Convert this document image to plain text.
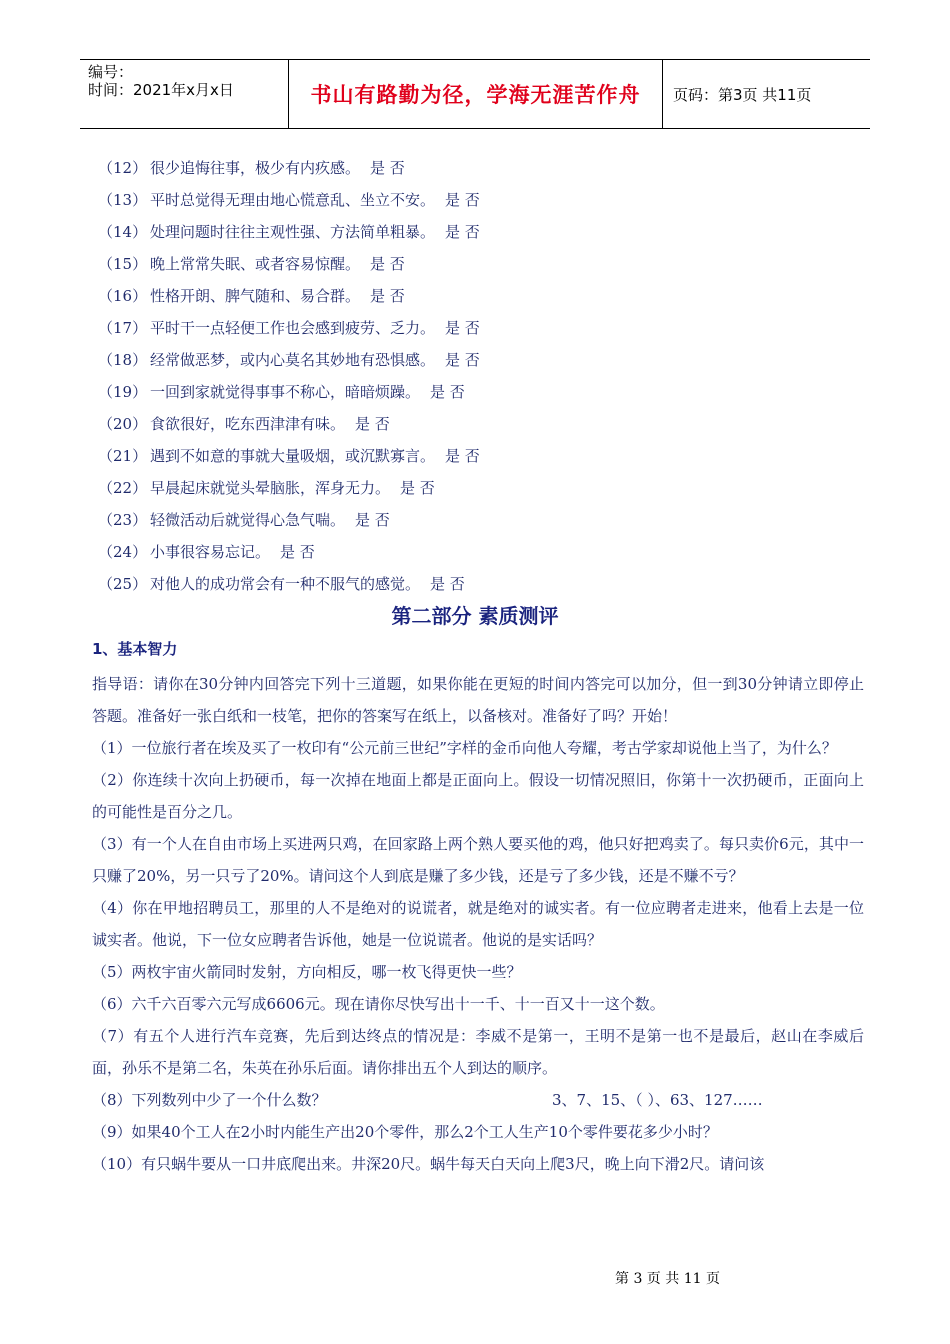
编号：
时间：2021年x月x日	书山有路勤为径，学海无涯苦作舟	页码：第3页 共11页
（12） 很少追悔往事，极少有内疚感。 是 否
（13） 平时总觉得无理由地心慌意乱、坐立不安。 是 否
（14） 处理问题时往往主观性强、方法简单粗暴。 是 否
（15） 晚上常常失眠、或者容易惊醒。 是 否
（16） 性格开朗、脾气随和、易合群。 是 否
（17） 平时干一点轻便工作也会感到疲劳、乏力。 是 否
（18） 经常做恶梦，或内心莫名其妙地有恐惧感。 是 否
（19） 一回到家就觉得事事不称心，暗暗烦躁。 是 否
（20） 食欲很好，吃东西津津有味。 是 否
（21） 遇到不如意的事就大量吸烟，或沉默寡言。 是 否
（22） 早晨起床就觉头晕脑胀，浑身无力。 是 否
（23） 轻微活动后就觉得心急气喘。 是 否
（24） 小事很容易忘记。 是 否
（25） 对他人的成功常会有一种不服气的感觉。 是 否
第二部分 素质测评
1、基本智力

指导语：请你在30分钟内回答完下列十三道题，如果你能在更短的时间内答完可以加分，但一到30分钟请立即停止答题。准备好一张白纸和一枝笔，把你的答案写在纸上，以备核对。准备好了吗？开始！

（1）一位旅行者在埃及买了一枚印有“公元前三世纪”字样的金币向他人夸耀，考古学家却说他上当了，为什么？

（2）你连续十次向上扔硬币，每一次掉在地面上都是正面向上。假设一切情况照旧，你第十一次扔硬币，正面向上的可能性是百分之几。

（3）有一个人在自由市场上买进两只鸡，在回家路上两个熟人要买他的鸡，他只好把鸡卖了。每只卖价6元，其中一只赚了20%，另一只亏了20%。请问这个人到底是赚了多少钱，还是亏了多少钱，还是不赚不亏？

（4）你在甲地招聘员工，那里的人不是绝对的说谎者，就是绝对的诚实者。有一位应聘者走进来，他看上去是一位诚实者。他说，下一位女应聘者告诉他，她是一位说谎者。他说的是实话吗？

（5）两枚宇宙火箭同时发射，方向相反，哪一枚飞得更快一些？

（6）六千六百零六元写成6606元。现在请你尽快写出十一千、十一百又十一这个数。

（7）有五个人进行汽车竞赛，先后到达终点的情况是：李威不是第一，王明不是第一也不是最后，赵山在李威后面，孙乐不是第二名，朱英在孙乐后面。请你排出五个人到达的顺序。

（8）下列数列中少了一个什么数？	3、7、15、（ ）、63、127……

（9）如果40个工人在2小时内能生产出20个零件，那么2个工人生产10个零件要花多少小时？

（10）有只蜗牛要从一口井底爬出来。井深20尺。蜗牛每天白天向上爬3尺，晚上向下滑2尺。请问该

第 3 页 共 11 页
